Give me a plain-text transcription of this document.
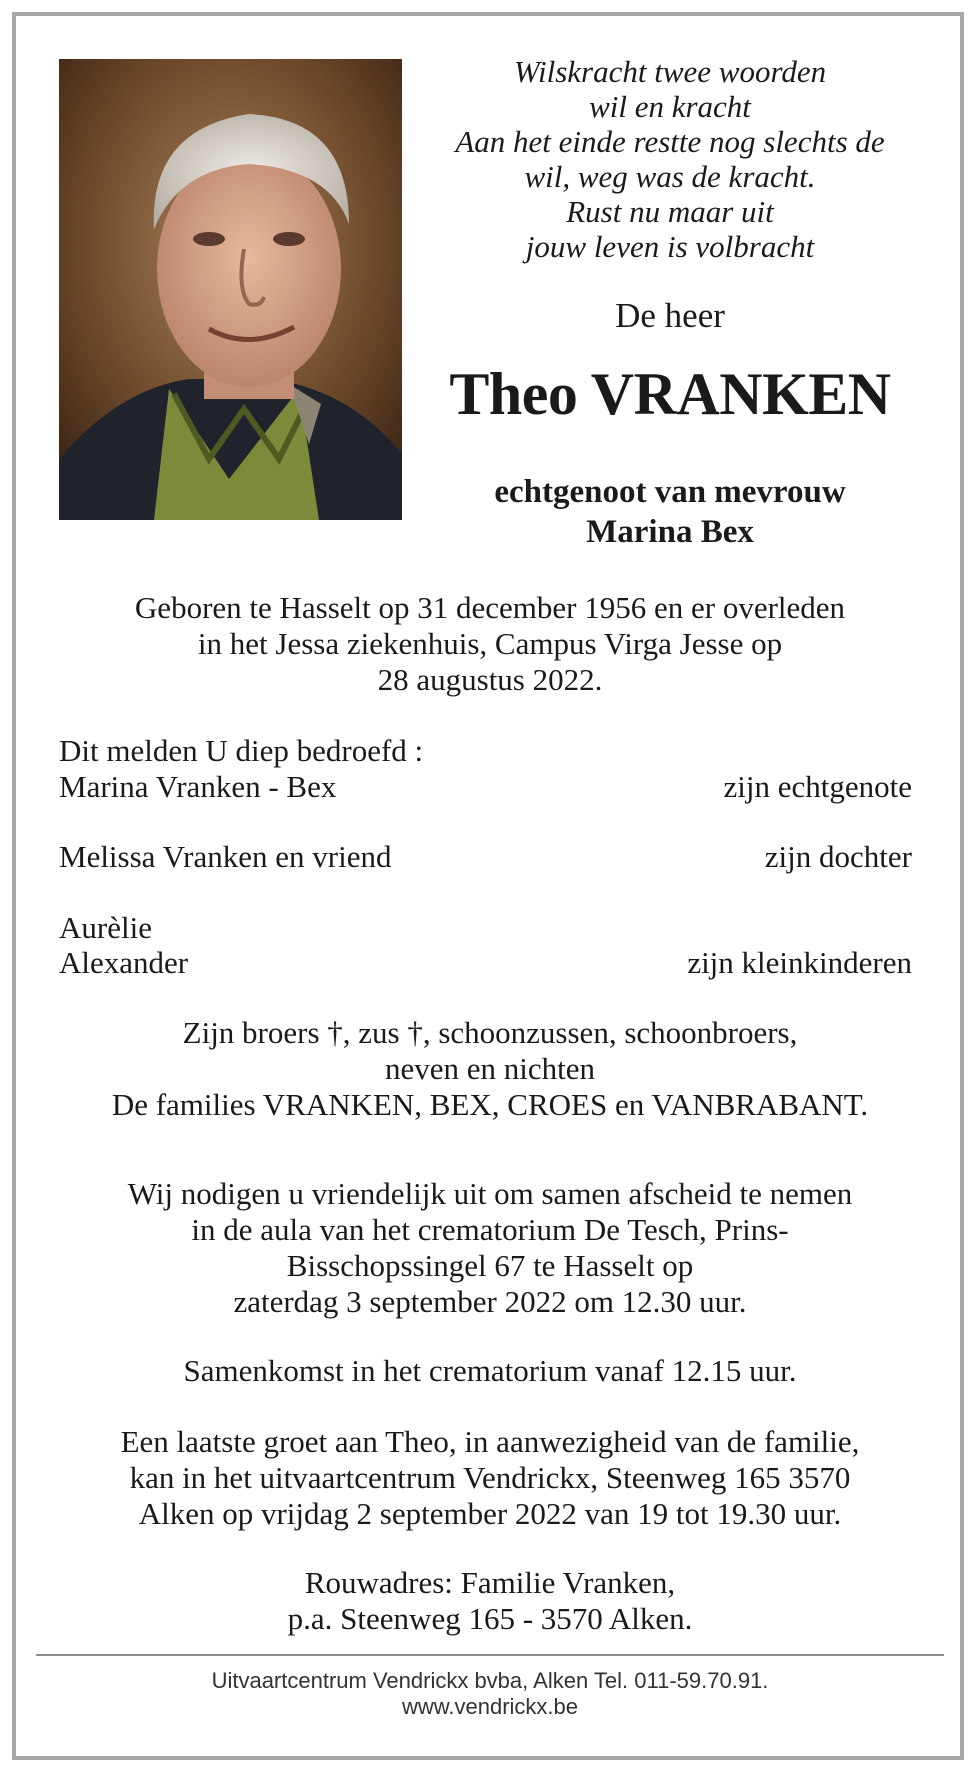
Wilskracht twee woorden
wil en kracht
Aan het einde restte nog slechts de
wil, weg was de kracht.
Rust nu maar uit
jouw leven is volbracht
De heer
Theo VRANKEN
echtgenoot van mevrouw
Marina Bex
Geboren te Hasselt op 31 december 1956 en er overleden
in het Jessa ziekenhuis, Campus Virga Jesse op
28 augustus 2022.
Dit melden U diep bedroefd :
Marina Vranken - Bex	zijn echtgenote
Melissa Vranken en vriend	zijn dochter
Aurèlie
Alexander	zijn kleinkinderen
Zijn broers †, zus †, schoonzussen, schoonbroers,
neven en nichten
De families VRANKEN, BEX, CROES en VANBRABANT.
Wij nodigen u vriendelijk uit om samen afscheid te nemen
in de aula van het crematorium De Tesch, Prins-
Bisschopssingel 67 te Hasselt op
zaterdag 3 september 2022 om 12.30 uur.
Samenkomst in het crematorium vanaf 12.15 uur.
Een laatste groet aan Theo, in aanwezigheid van de familie,
kan in het uitvaartcentrum Vendrickx, Steenweg 165 3570
Alken op vrijdag 2 september 2022 van 19 tot 19.30 uur.
Rouwadres: Familie Vranken,
p.a. Steenweg 165 - 3570 Alken.
Uitvaartcentrum Vendrickx bvba, Alken Tel. 011-59.70.91.
www.vendrickx.be
